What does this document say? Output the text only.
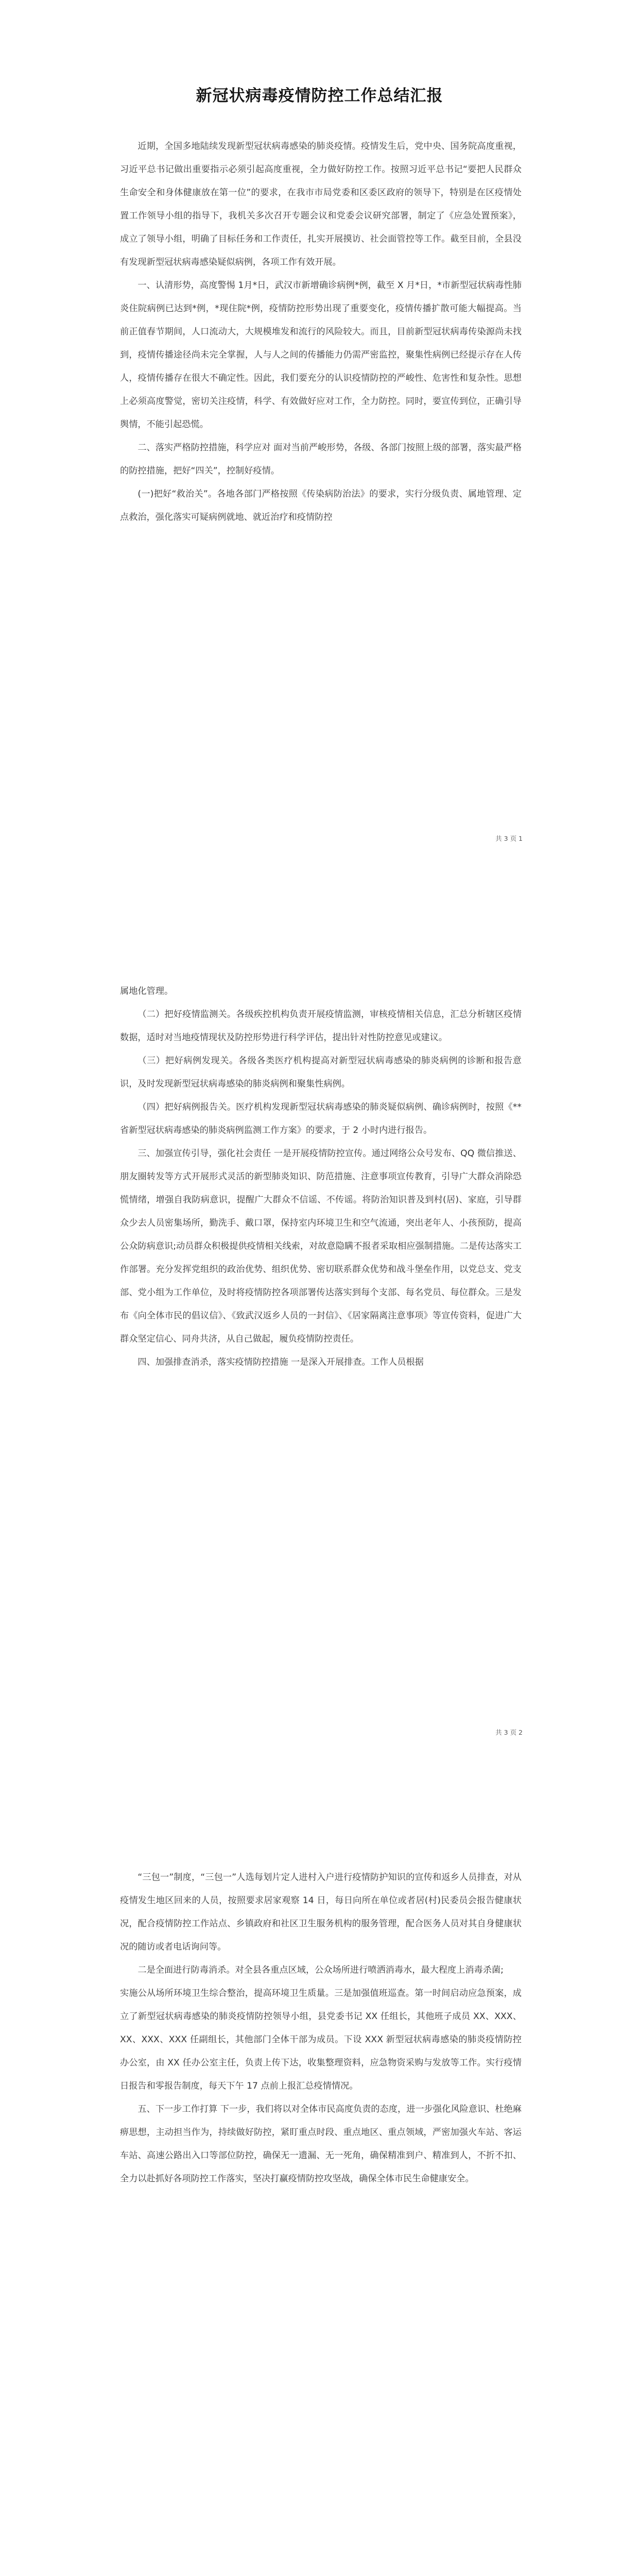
新冠状病毒疫情防控工作总结汇报

近期，全国多地陆续发现新型冠状病毒感染的肺炎疫情。疫情发生后，党中央、国务院高度重视，习近平总书记做出重要指示必须引起高度重视，全力做好防控工作。按照习近平总书记“要把人民群众生命安全和身体健康放在第一位”的要求，在我市市局党委和区委区政府的领导下，特别是在区疫情处置工作领导小组的指导下，我机关多次召开专题会议和党委会议研究部署，制定了《应急处置预案》，成立了领导小组，明确了目标任务和工作责任，扎实开展摸访、社会面管控等工作。截至目前，全县没有发现新型冠状病毒感染疑似病例，各项工作有效开展。

一、认清形势，高度警惕 1月*日，武汉市新增确诊病例*例，截至 X 月*日，*市新型冠状病毒性肺炎住院病例已达到*例，*现住院*例，疫情防控形势出现了重要变化，疫情传播扩散可能大幅提高。当前正值春节期间，人口流动大，大规模堆发和流行的风险较大。而且，目前新型冠状病毒传染源尚未找到，疫情传播途径尚未完全掌握，人与人之间的传播能力仍需严密监控，聚集性病例已经提示存在人传人，疫情传播存在很大不确定性。因此，我们要充分的认识疫情防控的严峻性、危害性和复杂性。思想上必须高度警觉，密切关注疫情，科学、有效做好应对工作，全力防控。同时，要宣传到位，正确引导舆情，不能引起恐慌。

二、落实严格防控措施，科学应对 面对当前严峻形势，各级、各部门按照上级的部署，落实最严格的防控措施，把好“四关”，控制好疫情。

(一)把好“救治关”。各地各部门严格按照《传染病防治法》的要求，实行分级负责、属地管理、定点救治，强化落实可疑病例就地、就近治疗和疫情防控

共 3 页 1

属地化管理。

（二）把好疫情监测关。各级疾控机构负责开展疫情监测，审核疫情相关信息，汇总分析辖区疫情数据，适时对当地疫情现状及防控形势进行科学评估，提出针对性防控意见或建议。

（三）把好病例发现关。各级各类医疗机构提高对新型冠状病毒感染的肺炎病例的诊断和报告意识，及时发现新型冠状病毒感染的肺炎病例和聚集性病例。

（四）把好病例报告关。医疗机构发现新型冠状病毒感染的肺炎疑似病例、确诊病例时，按照《**省新型冠状病毒感染的肺炎病例监测工作方案》的要求，于 2 小时内进行报告。

三、加强宣传引导，强化社会责任 一是开展疫情防控宣传。通过网络公众号发布、QQ 微信推送、朋友圈转发等方式开展形式灵活的新型肺炎知识、防范措施、注意事项宣传教育，引导广大群众消除恐慌情绪，增强自我防病意识，提醒广大群众不信谣、不传谣。将防治知识普及到村(居)、家庭，引导群众少去人员密集场所，勤洗手、戴口罩，保持室内环境卫生和空气流通，突出老年人、小孩预防，提高公众防病意识;动员群众积极提供疫情相关线索，对故意隐瞒不报者采取相应强制措施。二是传达落实工作部署。充分发挥党组织的政治优势、组织优势、密切联系群众优势和战斗堡垒作用，以党总支、党支部、党小组为工作单位，及时将疫情防控各项部署传达落实到每个支部、每名党员、每位群众。三是发布《向全体市民的倡议信》、《致武汉返乡人员的一封信》、《居家隔离注意事项》等宣传资料，促进广大群众坚定信心、同舟共济，从自己做起，履负疫情防控责任。

四、加强排查消杀，落实疫情防控措施 一是深入开展排查。工作人员根据

共 3 页 2

“三包一”制度，“三包一”人选每划片定人进村入户进行疫情防护知识的宣传和返乡人员排查，对从疫情发生地区回来的人员，按照要求居家观察 14 日，每日向所在单位或者居(村)民委员会报告健康状况，配合疫情防控工作站点、乡镇政府和社区卫生服务机构的服务管理，配合医务人员对其自身健康状况的随访或者电话询问等。

二是全面进行防毒消杀。对全县各重点区域，公众场所进行喷洒消毒水，最大程度上消毒杀菌;

实施公从场所环境卫生综合整治，提高环境卫生质量。三是加强值班巡查。第一时间启动应急预案，成立了新型冠状病毒感染的肺炎疫情防控领导小组，县党委书记 XX 任组长，其他班子成员 XX、XXX、XX、XXX、XXX 任副组长，其他部门全体干部为成员。下设 XXX 新型冠状病毒感染的肺炎疫情防控办公室，由 XX 任办公室主任，负责上传下达，收集整理资料，应急物资采购与发放等工作。实行疫情日报告和零报告制度，每天下午 17 点前上报汇总疫情情况。

五、下一步工作打算 下一步，我们将以对全体市民高度负责的态度，进一步强化风险意识、杜绝麻痹思想，主动担当作为，持续做好防控，紧盯重点时段、重点地区、重点领域，严密加强火车站、客运车站、高速公路出入口等部位防控，确保无一遗漏、无一死角，确保精准到户、精准到人，不折不扣、全力以赴抓好各项防控工作落实，坚决打赢疫情防控攻坚战，确保全体市民生命健康安全。
